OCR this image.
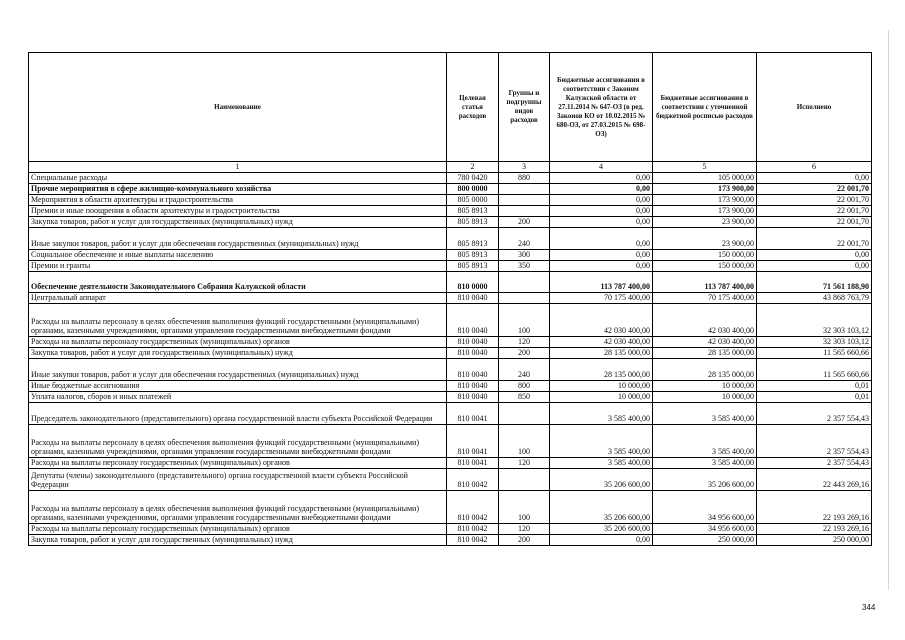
Наименование	Целевая статья расходов	Группы и подгруппы видов расходов	Бюджетные ассигнования в соответствии с Законом Калужской области от 27.11.2014 № 647-ОЗ (в ред. Законов КО от 10.02.2015 № 680-ОЗ, от 27.03.2015 № 698-ОЗ)	Бюджетные ассигнования в соответствии с уточненной бюджетной росписью расходов	Исполнено
1	2	3	4	5	6
Специальные расходы	780 0420	880	0,00	105 000,00	0,00
Прочие мероприятия в сфере жилищно-коммунального хозяйства	800 0000		0,00	173 900,00	22 001,70
Мероприятия в области архитектуры и градостроительства	805 0000		0,00	173 900,00	22 001,70
Премии и иные поощрения в области архитектуры и градостроительства	805 8913		0,00	173 900,00	22 001,70
Закупка товаров, работ и услуг для государственных (муниципальных) нужд	805 8913	200	0,00	23 900,00	22 001,70
Иные закупки товаров, работ и услуг для обеспечения государственных (муниципальных) нужд	805 8913	240	0,00	23 900,00	22 001,70
Социальное обеспечение и иные выплаты населению	805 8913	300	0,00	150 000,00	0,00
Премии и гранты	805 8913	350	0,00	150 000,00	0,00
Обеспечение деятельности Законодательного Собрания Калужской области	810 0000		113 787 400,00	113 787 400,00	71 561 188,90
Центральный аппарат	810 0040		70 175 400,00	70 175 400,00	43 868 763,79
Расходы на выплаты персоналу в целях обеспечения выполнения функций государственными (муниципальными) органами, казенными учреждениями, органами управления государственными внебюджетными фондами	810 0040	100	42 030 400,00	42 030 400,00	32 303 103,12
Расходы на выплаты персоналу государственных (муниципальных) органов	810 0040	120	42 030 400,00	42 030 400,00	32 303 103,12
Закупка товаров, работ и услуг для государственных (муниципальных) нужд	810 0040	200	28 135 000,00	28 135 000,00	11 565 660,66
Иные закупки товаров, работ и услуг для обеспечения государственных (муниципальных) нужд	810 0040	240	28 135 000,00	28 135 000,00	11 565 660,66
Иные бюджетные ассигнования	810 0040	800	10 000,00	10 000,00	0,01
Уплата налогов, сборов и иных платежей	810 0040	850	10 000,00	10 000,00	0,01
Председатель законодательного (представительного) органа государственной власти субъекта Российской Федерации	810 0041		3 585 400,00	3 585 400,00	2 357 554,43
Расходы на выплаты персоналу в целях обеспечения выполнения функций государственными (муниципальными) органами, казенными учреждениями, органами управления государственными внебюджетными фондами	810 0041	100	3 585 400,00	3 585 400,00	2 357 554,43
Расходы на выплаты персоналу государственных (муниципальных) органов	810 0041	120	3 585 400,00	3 585 400,00	2 357 554,43
Депутаты (члены) законодательного (представительного) органа государственной власти субъекта Российской Федерации	810 0042		35 206 600,00	35 206 600,00	22 443 269,16
Расходы на выплаты персоналу в целях обеспечения выполнения функций государственными (муниципальными) органами, казенными учреждениями, органами управления государственными внебюджетными фондами	810 0042	100	35 206 600,00	34 956 600,00	22 193 269,16
Расходы на выплаты персоналу государственных (муниципальных) органов	810 0042	120	35 206 600,00	34 956 600,00	22 193 269,16
Закупка товаров, работ и услуг для государственных (муниципальных) нужд	810 0042	200	0,00	250 000,00	250 000,00
344
